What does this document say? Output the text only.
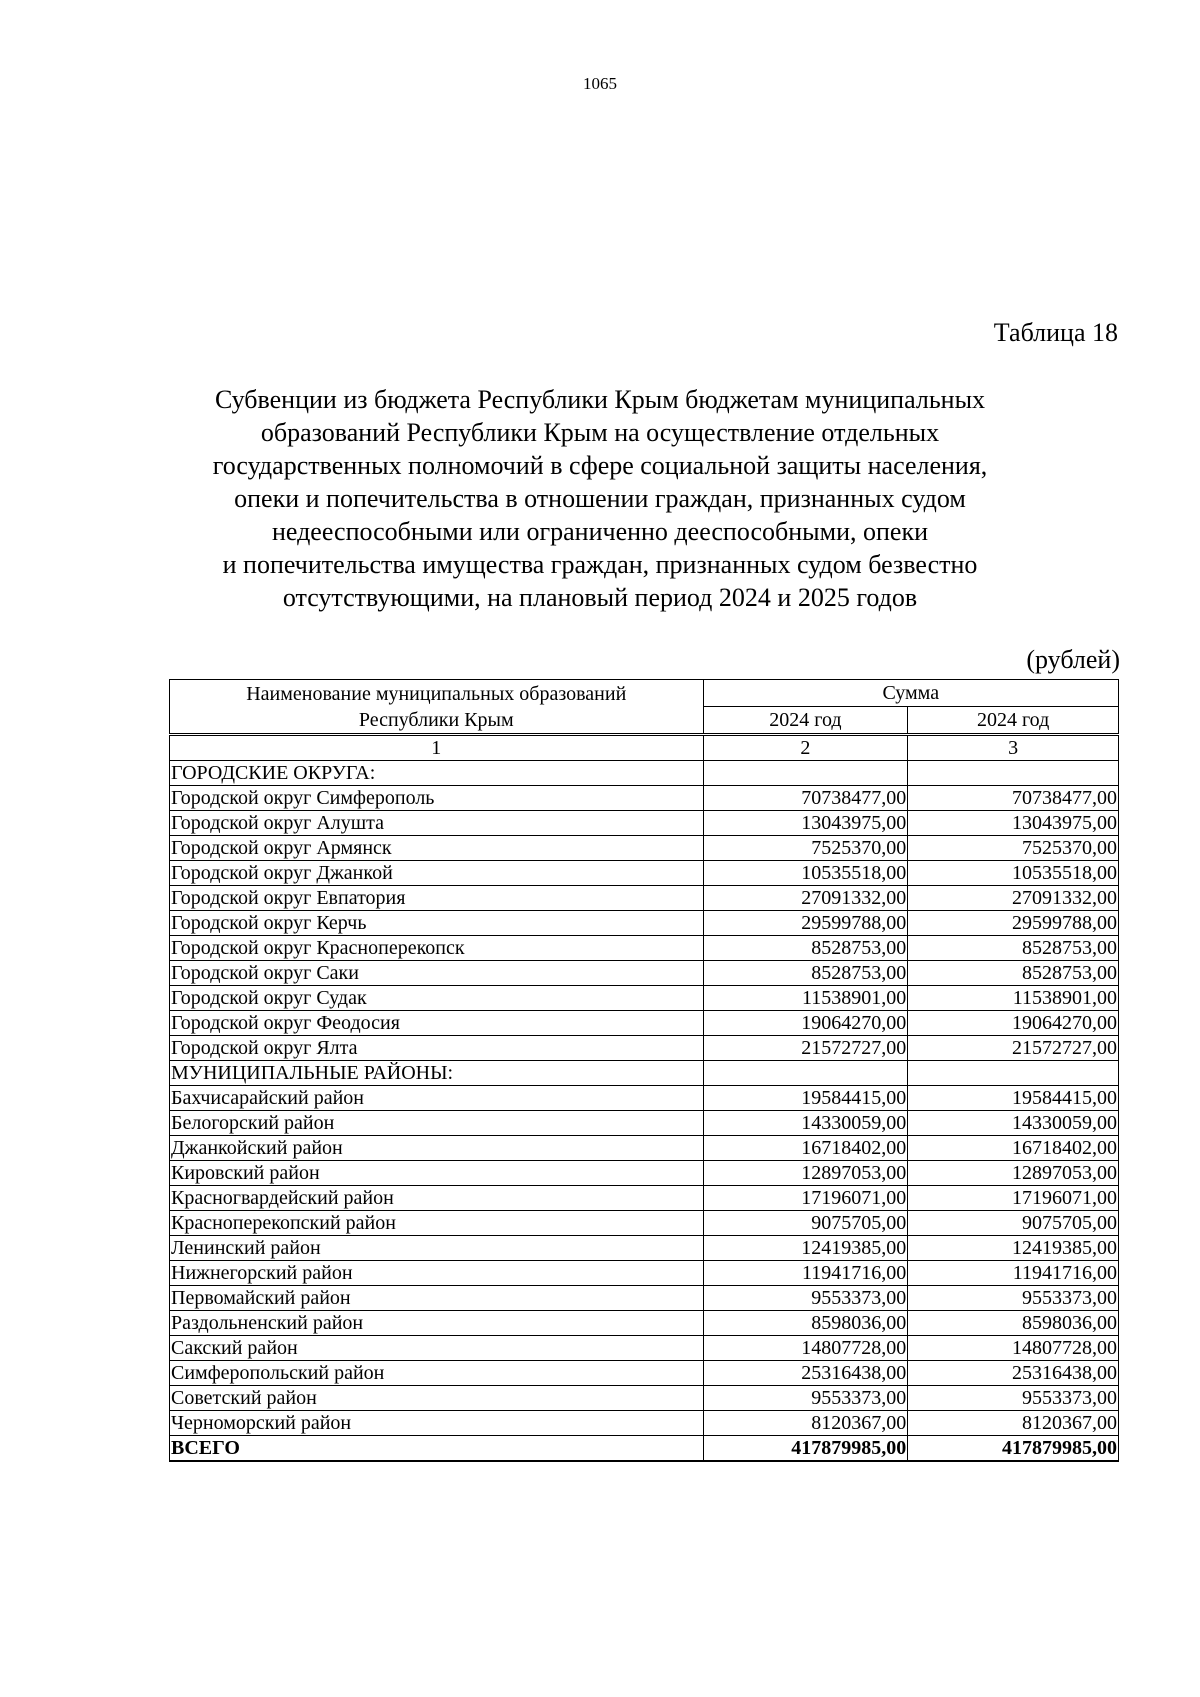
1065
Таблица 18
Субвенции из бюджета Республики Крым бюджетам муниципальных
образований Республики Крым на осуществление отдельных
государственных полномочий в сфере социальной защиты населения,
опеки и попечительства в отношении граждан, признанных судом
недееспособными или ограниченно дееспособными, опеки
и попечительства имущества граждан, признанных судом безвестно
отсутствующими, на плановый период 2024 и 2025 годов
(рублей)
Наименование муниципальных образований
Республики Крым	Сумма	
	2024 год	2024 год
1	2	3
ГОРОДСКИЕ ОКРУГА:		
Городской округ Симферополь	70738477,00	70738477,00
Городской округ Алушта	13043975,00	13043975,00
Городской округ Армянск	7525370,00	7525370,00
Городской округ Джанкой	10535518,00	10535518,00
Городской округ Евпатория	27091332,00	27091332,00
Городской округ Керчь	29599788,00	29599788,00
Городской округ Красноперекопск	8528753,00	8528753,00
Городской округ Саки	8528753,00	8528753,00
Городской округ Судак	11538901,00	11538901,00
Городской округ Феодосия	19064270,00	19064270,00
Городской округ Ялта	21572727,00	21572727,00
МУНИЦИПАЛЬНЫЕ РАЙОНЫ:		
Бахчисарайский район	19584415,00	19584415,00
Белогорский район	14330059,00	14330059,00
Джанкойский район	16718402,00	16718402,00
Кировский район	12897053,00	12897053,00
Красногвардейский район	17196071,00	17196071,00
Красноперекопский район	9075705,00	9075705,00
Ленинский район	12419385,00	12419385,00
Нижнегорский район	11941716,00	11941716,00
Первомайский район	9553373,00	9553373,00
Раздольненский район	8598036,00	8598036,00
Сакский район	14807728,00	14807728,00
Симферопольский район	25316438,00	25316438,00
Советский район	9553373,00	9553373,00
Черноморский район	8120367,00	8120367,00
ВСЕГО	417879985,00	417879985,00
